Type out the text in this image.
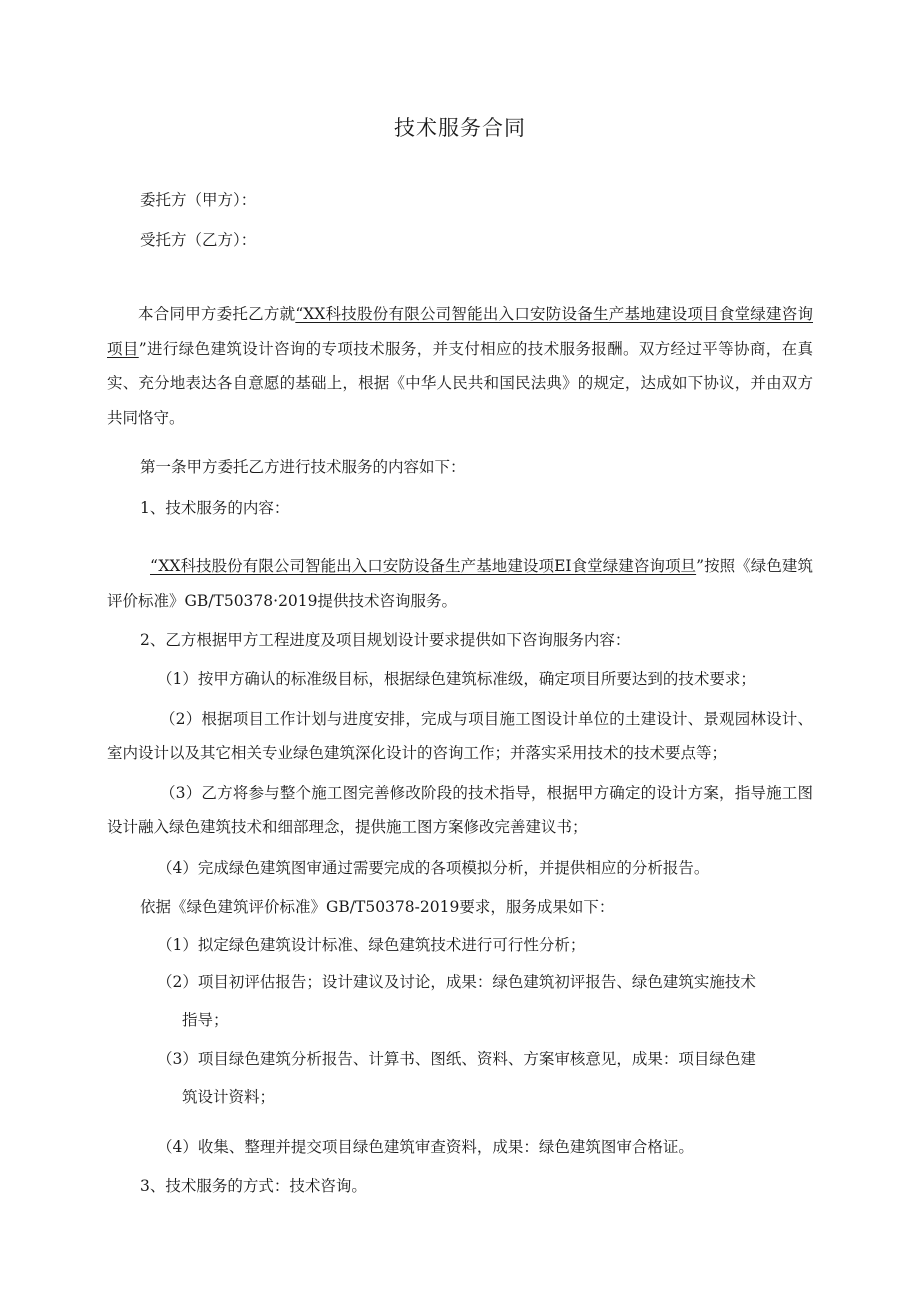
技术服务合同
委托方（甲方）：
受托方（乙方）：
本合同甲方委托乙方就“XX科技股份有限公司智能出入口安防设备生产基地建设项目食堂绿建咨询项目”进行绿色建筑设计咨询的专项技术服务，并支付相应的技术服务报酬。双方经过平等协商，在真实、充分地表达各自意愿的基础上，根据《中华人民共和国民法典》的规定，达成如下协议，并由双方共同恪守。
第一条甲方委托乙方进行技术服务的内容如下：
1、技术服务的内容：
“XX科技股份有限公司智能出入口安防设备生产基地建设项EI食堂绿建咨询项旦”按照《绿色建筑评价标准》GB/T50378·2019提供技术咨询服务。
2、乙方根据甲方工程进度及项目规划设计要求提供如下咨询服务内容：
（1）按甲方确认的标准级目标，根据绿色建筑标准级，确定项目所要达到的技术要求；
（2）根据项目工作计划与进度安排，完成与项目施工图设计单位的土建设计、景观园林设计、室内设计以及其它相关专业绿色建筑深化设计的咨询工作；并落实采用技术的技术要点等；
（3）乙方将参与整个施工图完善修改阶段的技术指导，根据甲方确定的设计方案，指导施工图设计融入绿色建筑技术和细部理念，提供施工图方案修改完善建议书；
（4）完成绿色建筑图审通过需要完成的各项模拟分析，并提供相应的分析报告。
依据《绿色建筑评价标准》GB/T50378-2019要求，服务成果如下：
（1）拟定绿色建筑设计标准、绿色建筑技术进行可行性分析；
（2）项目初评估报告；设计建议及讨论，成果：绿色建筑初评报告、绿色建筑实施技术
指导；
（3）项目绿色建筑分析报告、计算书、图纸、资料、方案审核意见，成果：项目绿色建
筑设计资料；
（4）收集、整理并提交项目绿色建筑审查资料，成果：绿色建筑图审合格证。
3、技术服务的方式：技术咨询。
